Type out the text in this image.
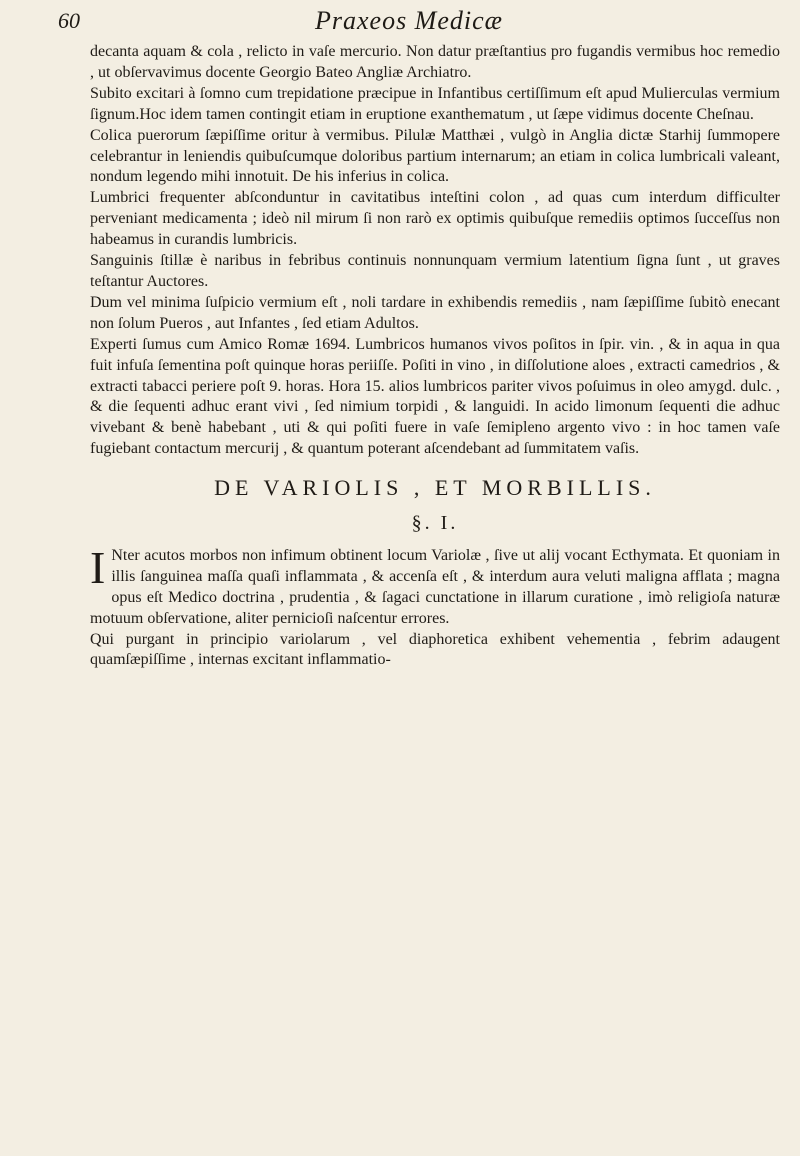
60	Praxeos Medicæ

decanta aquam & cola , relicto in vaſe mercurio. Non datur præſtantius pro fugandis vermibus hoc remedio , ut obſervavimus docente Georgio Bateo Angliæ Archiatro.

Subito excitari à ſomno cum trepidatione præcipue in Infantibus certiſſimum eſt apud Mulierculas vermium ſignum.Hoc idem tamen contingit etiam in eruptione exanthematum , ut ſæpe vidimus docente Cheſnau.

Colica puerorum ſæpiſſime oritur à vermibus. Pilulæ Matthæi , vulgò in Anglia dictæ Starhij ſummopere celebrantur in leniendis quibuſcumque doloribus partium internarum; an etiam in colica lumbricali valeant, nondum legendo mihi innotuit. De his inferius in colica.

Lumbrici frequenter abſconduntur in cavitatibus inteſtini colon , ad quas cum interdum difficulter perveniant medicamenta ; ideò nil mirum ſi non rarò ex optimis quibuſque remediis optimos ſucceſſus non habeamus in curandis lumbricis.

Sanguinis ſtillæ è naribus in febribus continuis nonnunquam vermium latentium ſigna ſunt , ut graves teſtantur Auctores.

Dum vel minima ſuſpicio vermium eſt , noli tardare in exhibendis remediis , nam ſæpiſſime ſubitò enecant non ſolum Pueros , aut Infantes , ſed etiam Adultos.

Experti ſumus cum Amico Romæ 1694. Lumbricos humanos vivos poſitos in ſpir. vin. , & in aqua in qua fuit infuſa ſementina poſt quinque horas periiſſe. Poſiti in vino , in diſſolutione aloes , extracti camedrios , & extracti tabacci periere poſt 9. horas. Hora 15. alios lumbricos pariter vivos poſuimus in oleo amygd. dulc. , & die ſequenti adhuc erant vivi , ſed nimium torpidi , & languidi. In acido limonum ſequenti die adhuc vivebant & benè habebant , uti & qui poſiti fuere in vaſe ſemipleno argento vivo : in hoc tamen vaſe fugiebant contactum mercurij , & quantum poterant aſcendebant ad ſummitatem vaſis.

DE VARIOLIS , ET MORBILLIS.
§. I.

I Nter acutos morbos non infimum obtinent locum Variolæ , ſive ut alij vocant Ecthymata. Et quoniam in illis ſanguinea maſſa quaſi inflammata , & accenſa eſt , & interdum aura veluti maligna afflata ; magna opus eſt Medico doctrina , prudentia , & ſagaci cunctatione in illarum curatione , imò religioſa naturæ motuum obſervatione, aliter pernicioſi naſcentur errores.

Qui purgant in principio variolarum , vel diaphoretica exhibent vehementia , febrim adaugent quamſæpiſſime , internas excitant inflammatio-
